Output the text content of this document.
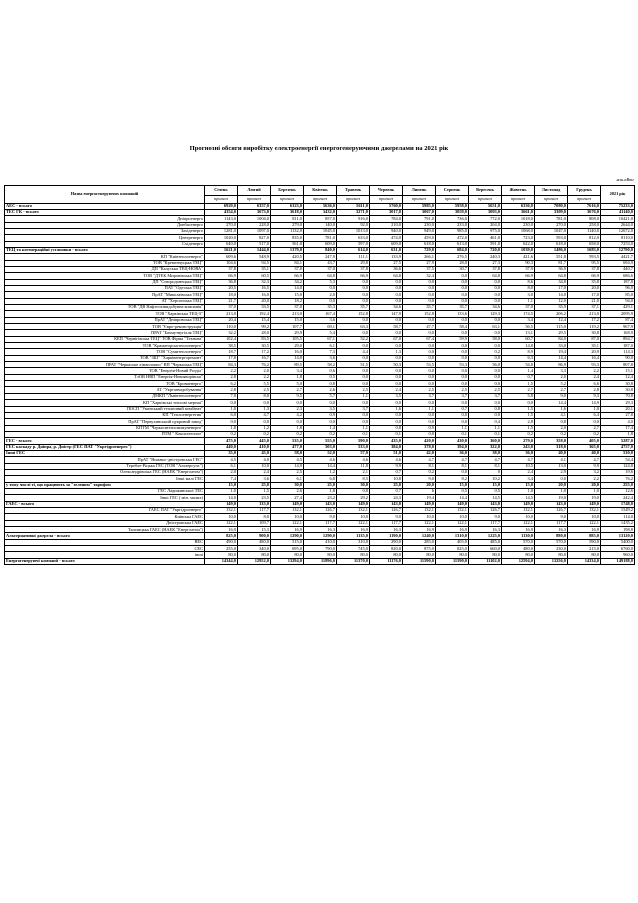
Прогнозні обсяги виробітку електроенергії енергогенеруючими джерелами на 2021 рік
млн.кВтг
Назва енергогенеруючих компаній	Січень	Лютий	Березень	Квітень	Травень	Червень	Липень	Серпень	Вересень	Жовтень	Листопад	Грудень	2021 рік
	прогноз	прогноз	прогноз	прогноз	прогноз	прогноз	прогноз	прогноз	прогноз	прогноз	прогноз	прогноз	
АЕС - всього	6920,0	6357,0	6323,0	5636,0	5611,0	5760,0	5985,0	5958,0	5651,0	6336,0	7080,0	7616,0	75233,0
ТЕС ГК - всього	4354,0	3673,0	3618,0	3432,0	3271,0	3017,0	3067,0	3059,0	3003,0	3661,0	3309,0	3676,0	41140,0
Дніпроенерго	1143,0	1004,0	811,0	857,0	916,0	784,0	791,0	736,0	772,0	1018,0	781,0	808,0	10421,0
Донбасенерго	270,0	228,0	279,0	140,0	92,0	210,0	230,0	233,0	204,0	230,0	270,0	258,0	2644,0
Західенерго	1281,0	1097,0	1132,0	1045,0	1013,0	940,0	949,0	985,0	975,0	1068,0	1047,0	1140,0	12672,0
Центренерго	1020,0	827,0	835,0	781,0	633,0	474,0	459,0	472,0	461,0	723,0	593,0	812,0	8110,0
Східенерго	640,0	517,0	561,0	609,0	597,0	609,0	618,0	613,0	591,0	622,0	618,0	658,0	7253,0
ТЕЦ та когенераційні установки - всього	1621,0	1444,0	1379,0	840,0	614,0	631,0	729,0	684,0	720,0	1039,0	1486,0	1683,0	12790,0
КП "Київтеплоенерго"	609,6	548,9	420,5	247,9	111,1	133,9	266,1	276,5	240,3	421,6	551,8	593,5	4421,7
ТОВ "Кременчуцька ТЕЦ"	104,6	94,5	84,1	43,7	29,8	27,5	27,9	28,0	27,3	90,3	81,7	95,5	694,9
ДП "Калуська ТЕЦ-НОВА"	37,8	35,1	37,8	37,0	37,8	36,6	37,5	30,7	37,8	37,9	36,9	37,8	440,7
ТОВ "ДТЕК Миронівська ТЕЦ"	66,9	60,5	66,9	64,8	66,9	64,8	32,4	0,0	64,8	66,9	64,8	66,9	686,6
ДП "Сєвєродонецька ТЕЦ"	36,8	32,3	34,2	5,3	0,0	0,0	0,0	0,0	0,0	8,6	34,8	35,8	187,8
ПАТ "Одеська ТЕЦ"	20,5	16,5	14,0	0,0	0,0	0,0	0,0	0,0	0,0	8,0	17,0	20,0	96,0
ПрАТ "Миколаївська ТЕЦ"	18,0	16,0	15,0	2,0	0,0	0,0	0,0	0,0	0,0	3,0	14,0	17,0	85,0
АТ "Херсонська ТЕЦ"	21,7	20,0	18,2	0,0	0,0	0,0	0,0	0,0	0,0	1,1	12,0	21,0	94,0
ТОВ "ДВ Нафтогазвидобувна компанія"	37,0	33,5	37,0	35,3	35,7	34,6	35,7	35,7	34,6	37,0	35,9	37,1	429,1
ТОВ "Харківська ТЕЦ-5"	213,0	192,4	213,0	167,4	152,8	147,9	152,8	133,6	129,3	174,5	206,2	213,0	2095,9
ПрАТ "Дніпровська ТЕЦ"	20,4	15,4	15,0	3,6	0,0	0,0	0,0	0,0	0,0	3,4	12,4	17,2	87,4
ТОВ "Євро-реконструкція"	110,0	99,2	107,7	69,1	63,3	58,7	47,7	58,4	63,1	56,5	115,0	119,2	967,9
ПРАТ "Бахмутвугілля ТЕЦ"	32,2	28,0	29,9	5,4	0,0	0,0	0,0	0,0	0,0	13,1	29,5	30,8	168,9
КЕП "Чернігівська ТЕЦ" ТОВ Фірма "Технова"	102,4	83,5	105,5	67,1	52,2	67,0	67,4	59,9	58,0	60,7	84,0	87,0	894,7
ТОВ "Краматорськтеплоенерго"	38,5	30,5	29,0	6,1	0,0	0,0	0,0	0,0	0,0	14,8	33,0	35,1	187,0
ТОВ "Сумитеплоенерго"	18,7	17,2	16,0	7,3	4,4	1,3	0,0	0,0	0,2	8,9	19,4	20,9	114,3
ТОВ "ЗШ" "Харківенергоремонт"	17,8	16,7	14,8	3,6	0,0	0,0	0,0	0,0	0,0	6,3	14,4	16,4	90,0
ПРАТ "Черкаське хімволокно" ВП "Черкаська ТЕЦ"	84,3	76,2	89,5	58,2	51,5	50,3	53,5	53,3	56,0	54,8	86,9	93,3	807,8
ТОВ "Енергія-Новий Розділ"	2,2	2,0	3,4	0,6	0,0	0,0	0,0	0,0	0,0	1,4	3,3	2,2	15,1
ТзОВ НВП "Енергія-Новояворівськ"	2,8	2,2	1,8	0,5	0,0	0,0	0,0	0,0	0,0	0,7	2,0	2,4	12,4
ТОВ "Бровиенерго"	6,2	5,5	5,0	0,8	0,0	0,0	0,0	0,0	0,0	1,5	5,2	6,6	30,8
АТ "Укргазвидобування"	2,8	2,5	2,7	2,6	2,5	2,4	2,5	2,5	2,5	2,7	2,7	2,8	30,8
ДМКП "Львівтеплоенерго"	7,8	8,0	9,5	5,7	1,1	3,5	3,7	3,7	3,7	5,8	9,0	9,3	70,8
КП "Харківські теплові мережі"	0,0	0,0	0,0	0,0	0,0	0,0	0,0	0,0	0,0	0,0	14,4	14,9	29,3
ПОСП "Уманський тепличний комбінат"	1,0	1,3	2,3	3,5	3,7	1,6	1,1	0,7	0,8	1,5	1,6	1,0	20,1
КП "Теплоенергетик"	6,0	4,7	4,2	0,9	0,0	0,0	0,0	0,0	0,0	1,5	4,1	6,4	27,8
ПрАТ "Первухинський цукровий завод"	0,0	0,0	0,0	0,0	0,0	0,0	0,0	0,0	0,4	2,8	0,8	0,0	4,0
КПТМ "Черкаситеплокомуненерго"	1,8	1,2	1,8	1,4	1,1	0,8	0,9	1,1	1,1	1,5	2,0	2,7	17,4
ПТМ " Коксихтеплое"	0,2	0,2	0,2	0,2	0,1	0,1	0,0	0,1	0,1	0,2	0,2	0,2	1,8
ГЕС - всього	475,0	445,0	535,0	555,0	590,0	435,0	420,0	430,0	360,0	279,0	358,0	405,0	5287,0
ГЕС каскаду р. Дніпра, р. Дністр (ГЕС ПАТ "Укргідроенерго")	440,0	410,0	477,0	503,0	533,0	384,0	378,0	394,0	322,0	243,0	318,0	365,0	4757,0
Інші ГЕС	35,0	45,0	58,0	52,0	57,0	51,0	42,0	36,0	38,0	36,0	40,0	40,0	530,0
ПрАТ "Нижньо-дністровська ГЕС"	4,5	4,0	4,5	4,6	4,6	4,6	4,7	4,7	4,7	4,7	4,1	4,7	54,4
Теребле-Ріцька ГЕС (ТОВ "Альтерсупс")	6,1	10,0	14,9	14,4	11,8	9,9	8,1	8,1	8,1	10,5	13,0	9,9	124,8
Олександрівська ГЕС (НАЕК "Енергоатом")	2,0	2,4	2,5	1,2	2,1	0,7	0,2	0,0	0	2,4	2,9	3,2	19,6
Інші малі ГЕС	7,4	3,6	6,1	6,8	8,5	10,8	9,0	8,2	10,2	3,4	0,0	2,2	76,2
у тому числі ті, що працюють за "зеленим" тарифом	15,0	25,0	30,0	25,0	30,0	25,0	20,0	15,0	15,0	15,0	20,0	20,0	255,0
ГЕС Ладижинської ТЕС	1,0	1,5	2,6	1,8	0,8	0,7	6	0,5	0,5	1,0	1,0	1,0	12,6
Інші ГЕС ( мін. малих)	14,0	23,5	27,4	23,2	29,2	24,3	19,4	14,4	14,5	14,5	19,0	19,0	242,4
ГАЕС - всього	149,0	133,0	149,0	143,0	149,0	143,0	149,0	149,0	143,0	149,0	143,0	149,0	1748,0
ГАЕС ПАТ "Укргідроенерго"	132,1	117,7	132,1	126,7	132,1	126,7	132,1	132,1	126,7	132,1	126,7	132,1	1549,2
Київська ГАЕС	10,0	8,0	10,0	9,0	10,0	9,0	10,0	10,0	9,0	10,0	9,0	10,0	114,0
Дністровська ГАЕС	122,1	109,7	122,1	117,7	122,1	117,7	122,1	122,1	117,7	122,1	117,7	122,1	1435,2
Ташлицька ГАЕС (НАЕК "Енергоатом")	16,9	15,3	16,9	16,3	16,9	16,3	16,9	16,9	16,3	16,9	16,3	16,9	198,8
Альтернативні джерела - всього	825,0	900,0	1290,0	1290,0	1135,0	1190,0	1240,0	1310,0	1225,0	1130,0	880,0	885,0	13120,0
ВЕС	490,0	480,0	515,0	410,0	310,0	290,0	285,0	405,0	485,0	570,0	570,0	590,0	5400,0
СЕС	255,0	340,0	695,0	790,0	745,0	820,0	875,0	825,0	660,0	480,0	230,0	215,0	6760,0
інші	80,0	80,0	80,0	80,0	80,0	80,0	80,0	80,0	80,0	80,0	80,0	80,0	960,0
Енергогенеруючі компанії - всього	14344,0	12952,0	13294,0	11896,0	11370,0	11176,0	11590,0	11590,0	11102,0	12594,0	13256,0	14334,0	149188,0
